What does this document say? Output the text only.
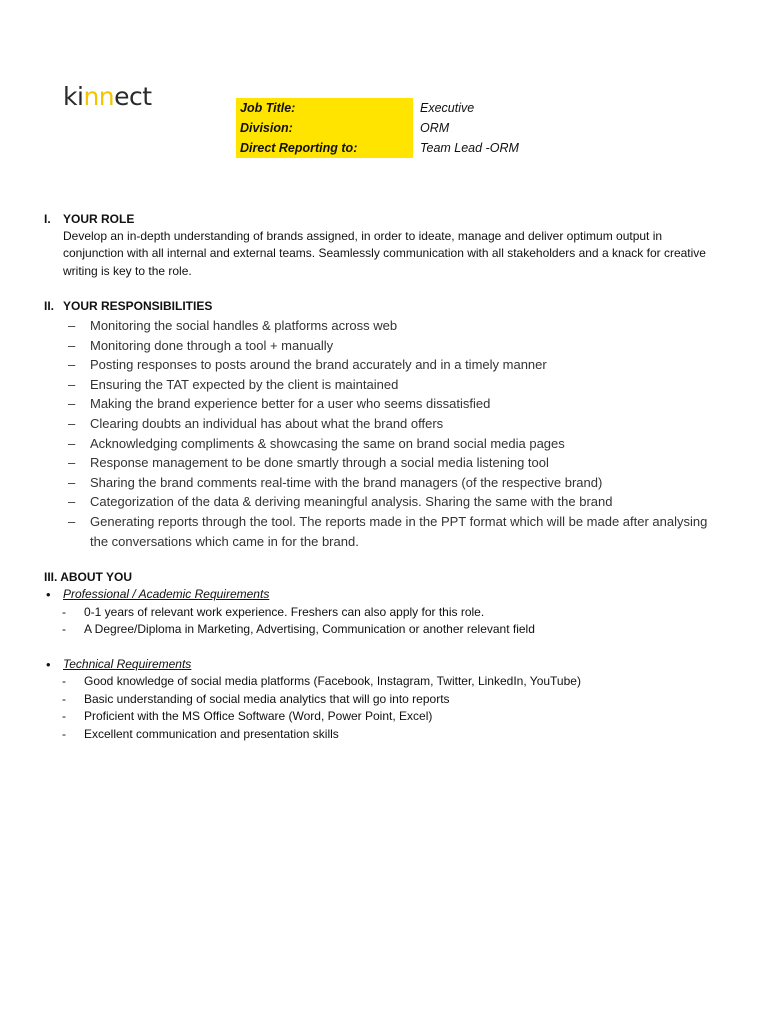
kinnect	Job Title:	Executive
Division:	ORM
Direct Reporting to:	Team Lead -ORM
I. YOUR ROLE
Develop an in-depth understanding of brands assigned, in order to ideate, manage and deliver optimum output in conjunction with all internal and external teams. Seamlessly communication with all stakeholders and a knack for creative writing is key to the role.
II. YOUR RESPONSIBILITIES
– Monitoring the social handles & platforms across web
– Monitoring done through a tool + manually
– Posting responses to posts around the brand accurately and in a timely manner
– Ensuring the TAT expected by the client is maintained
– Making the brand experience better for a user who seems dissatisfied
– Clearing doubts an individual has about what the brand offers
– Acknowledging compliments & showcasing the same on brand social media pages
– Response management to be done smartly through a social media listening tool
– Sharing the brand comments real-time with the brand managers (of the respective brand)
– Categorization of the data & deriving meaningful analysis. Sharing the same with the brand
– Generating reports through the tool. The reports made in the PPT format which will be made after analysing the conversations which came in for the brand.
III. ABOUT YOU
• Professional / Academic Requirements
- 0-1 years of relevant work experience. Freshers can also apply for this role.
- A Degree/Diploma in Marketing, Advertising, Communication or another relevant field
• Technical Requirements
- Good knowledge of social media platforms (Facebook, Instagram, Twitter, LinkedIn, YouTube)
- Basic understanding of social media analytics that will go into reports
- Proficient with the MS Office Software (Word, Power Point, Excel)
- Excellent communication and presentation skills
